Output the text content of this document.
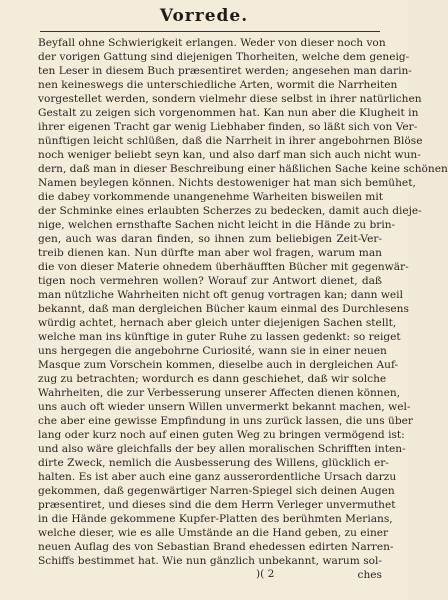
Vorrede.
Beyfall ohne Schwierigkeit erlangen. Weder von dieser noch von
der vorigen Gattung sind diejenigen Thorheiten, welche dem geneig-
ten Leser in diesem Buch præsentiret werden; angesehen man darin-
nen keineswegs die unterschiedliche Arten, wormit die Narrheiten
vorgestellet werden, sondern vielmehr diese selbst in ihrer natürlichen
Gestalt zu zeigen sich vorgenommen hat. Kan nun aber die Klugheit in
ihrer eigenen Tracht gar wenig Liebhaber finden, so läßt sich von Ver-
nünftigen leicht schlüßen, daß die Narrheit in ihrer angebohrnen Blöse
noch weniger beliebt seyn kan, und also darf man sich auch nicht wun-
dern, daß man in dieser Beschreibung einer häßlichen Sache keine schönen
Namen beylegen können. Nichts destoweniger hat man sich bemühet,
die dabey vorkommende unangenehme Warheiten bisweilen mit
der Schminke eines erlaubten Scherzes zu bedecken, damit auch dieje-
nige, welchen ernsthafte Sachen nicht leicht in die Hände zu brin-
gen, auch was daran finden, so ihnen zum beliebigen Zeit-Ver-
treib dienen kan. Nun dürfte man aber wol fragen, warum man
die von dieser Materie ohnedem überhäufften Bücher mit gegenwär-
tigen noch vermehren wollen? Worauf zur Antwort dienet, daß
man nützliche Wahrheiten nicht oft genug vortragen kan; dann weil
bekannt, daß man dergleichen Bücher kaum einmal des Durchlesens
würdig achtet, hernach aber gleich unter diejenigen Sachen stellt,
welche man ins künftige in guter Ruhe zu lassen gedenkt: so reiget
uns hergegen die angebohrne Curiosité, wann sie in einer neuen
Masque zum Vorschein kommen, dieselbe auch in dergleichen Auf-
zug zu betrachten; wordurch es dann geschiehet, daß wir solche
Wahrheiten, die zur Verbesserung unserer Affecten dienen können,
uns auch oft wieder unsern Willen unvermerkt bekannt machen, wel-
che aber eine gewisse Empfindung in uns zurück lassen, die uns über
lang oder kurz noch auf einen guten Weg zu bringen vermögend ist:
und also wäre gleichfalls der bey allen moralischen Schrifften inten-
dirte Zweck, nemlich die Ausbesserung des Willens, glücklich er-
halten. Es ist aber auch eine ganz ausserordentliche Ursach darzu
gekommen, daß gegenwärtiger Narren-Spiegel sich deinen Augen
præsentiret, und dieses sind die dem Herrn Verleger unvermuthet
in die Hände gekommene Kupfer-Platten des berühmten Merians,
welche dieser, wie es alle Umstände an die Hand geben, zu einer
neuen Auflag des von Sebastian Brand ehedessen edirten Narren-
Schiffs bestimmet hat. Wie nun gänzlich unbekannt, warum sol-
)( 2	ches
